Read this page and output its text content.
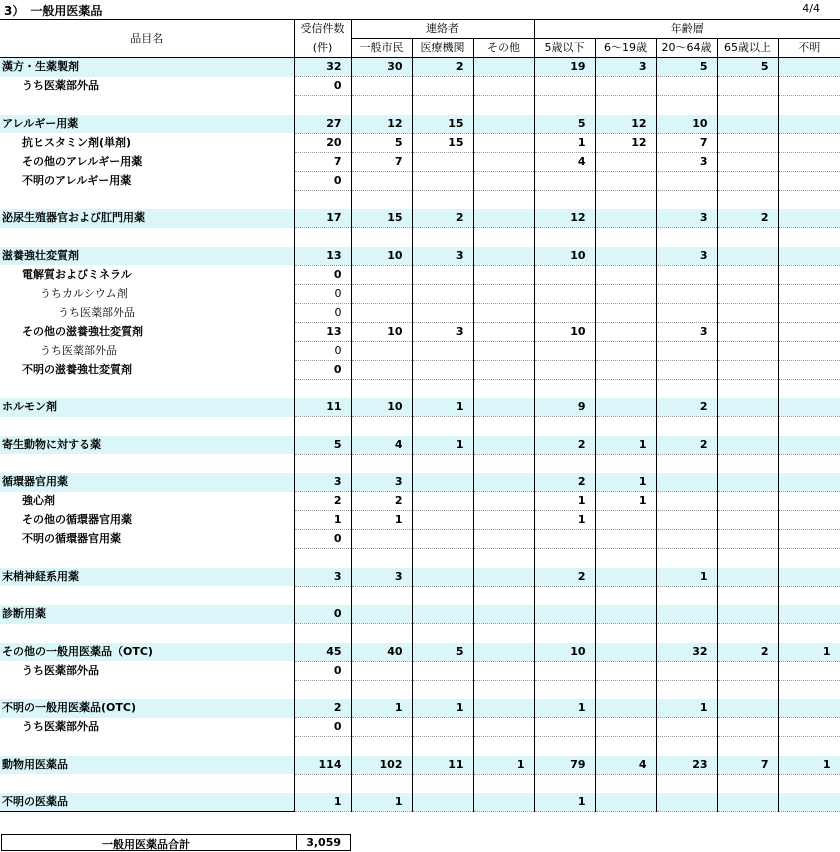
3）　一般用医薬品	4/4
品目名	受信件数	連絡者			年齢層				
	(件)	一般市民	医療機関	その他	5歳以下	6～19歳	20～64歳	65歳以上	不明
漢方・生薬製剤	32	30	2		19	3	5	5	
うち医薬部外品	0								

アレルギー用薬	27	12	15		5	12	10		
抗ヒスタミン剤(単剤)	20	5	15		1	12	7		
その他のアレルギー用薬	7	7			4		3		
不明のアレルギー用薬	0								

泌尿生殖器官および肛門用薬	17	15	2		12		3	2	

滋養強壮変質剤	13	10	3		10		3		
電解質およびミネラル	0								
うちカルシウム剤	0								
うち医薬部外品	0								
その他の滋養強壮変質剤	13	10	3		10		3		
うち医薬部外品	0								
不明の滋養強壮変質剤	0								

ホルモン剤	11	10	1		9		2		

寄生動物に対する薬	5	4	1		2	1	2		

循環器官用薬	3	3			2	1			
強心剤	2	2			1	1			
その他の循環器官用薬	1	1			1				
不明の循環器官用薬	0								

末梢神経系用薬	3	3			2		1		

診断用薬	0								

その他の一般用医薬品（OTC)	45	40	5		10		32	2	1
うち医薬部外品	0								

不明の一般用医薬品(OTC)	2	1	1		1		1		
うち医薬部外品	0								

動物用医薬品	114	102	11	1	79	4	23	7	1

不明の医薬品	1	1			1				
一般用医薬品合計	3,059
